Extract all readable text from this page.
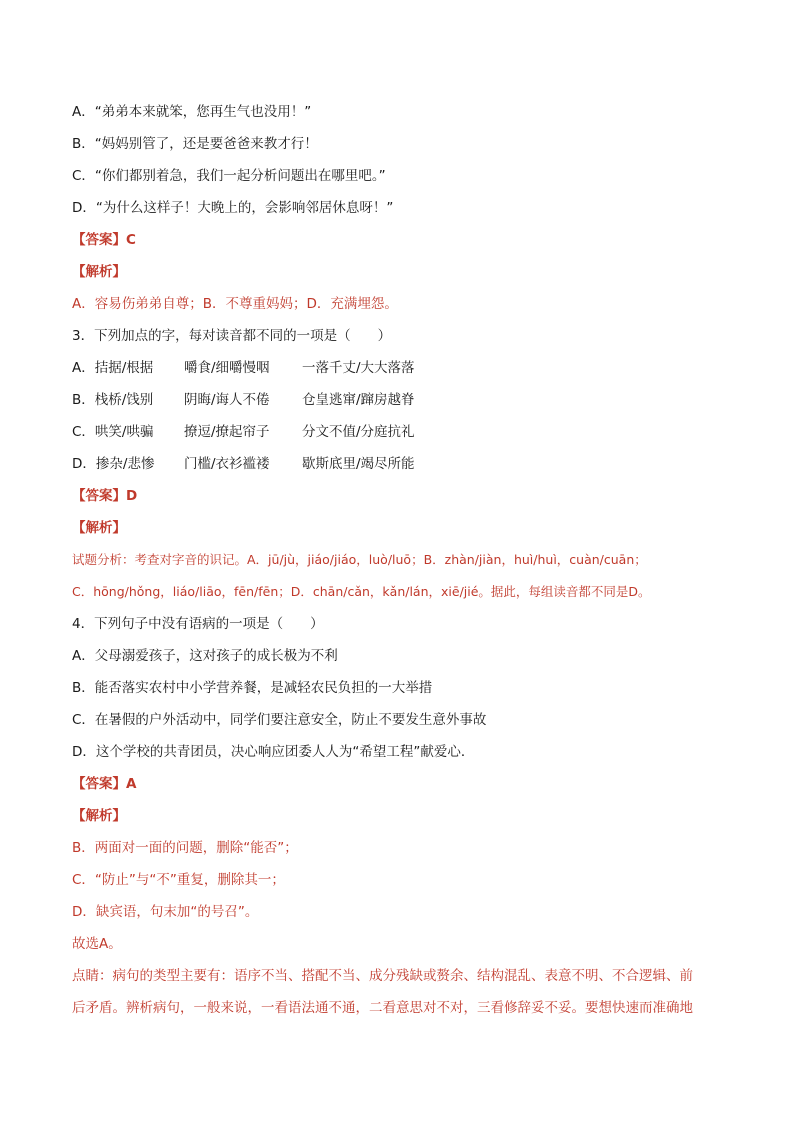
A．“弟弟本来就笨，您再生气也没用！”
B．“妈妈别管了，还是要爸爸来教才行！
C．“你们都别着急，我们一起分析问题出在哪里吧。”
D．“为什么这样子！大晚上的，会影响邻居休息呀！”
【答案】C
【解析】
A．容易伤弟弟自尊；B．不尊重妈妈；D．充满埋怨。
3．下列加点的字，每对读音都不同的一项是（　　）
A．拮据/根据 嚼食/细嚼慢咽 一落千丈/大大落落
B．栈桥/饯别 阴晦/诲人不倦 仓皇逃窜/蹿房越脊
C．哄笑/哄骗 撩逗/撩起帘子 分文不值/分庭抗礼
D．掺杂/悲惨 门槛/衣衫褴褛 歇斯底里/竭尽所能
【答案】D
【解析】
试题分析：考查对字音的识记。A．jū/jù，jiáo/jiáo，luò/luō；B．zhàn/jiàn，huì/huì，cuàn/cuān；
C．hōng/hǒng，liáo/liāo，fēn/fēn；D．chān/cǎn，kǎn/lán，xiē/jié。据此，每组读音都不同是D。
4．下列句子中没有语病的一项是（　　）
A．父母溺爱孩子，这对孩子的成长极为不利
B．能否落实农村中小学营养餐，是减轻农民负担的一大举措
C．在暑假的户外活动中，同学们要注意安全，防止不要发生意外事故
D．这个学校的共青团员，决心响应团委人人为“希望工程”献爱心．
【答案】A
【解析】
B．两面对一面的问题，删除“能否”；
C．“防止”与“不”重复，删除其一；
D．缺宾语，句末加“的号召”。
故选A。
点睛：病句的类型主要有：语序不当、搭配不当、成分残缺或赘余、结构混乱、表意不明、不合逻辑、前
后矛盾。辨析病句，一般来说，一看语法通不通，二看意思对不对，三看修辞妥不妥。要想快速而准确地
